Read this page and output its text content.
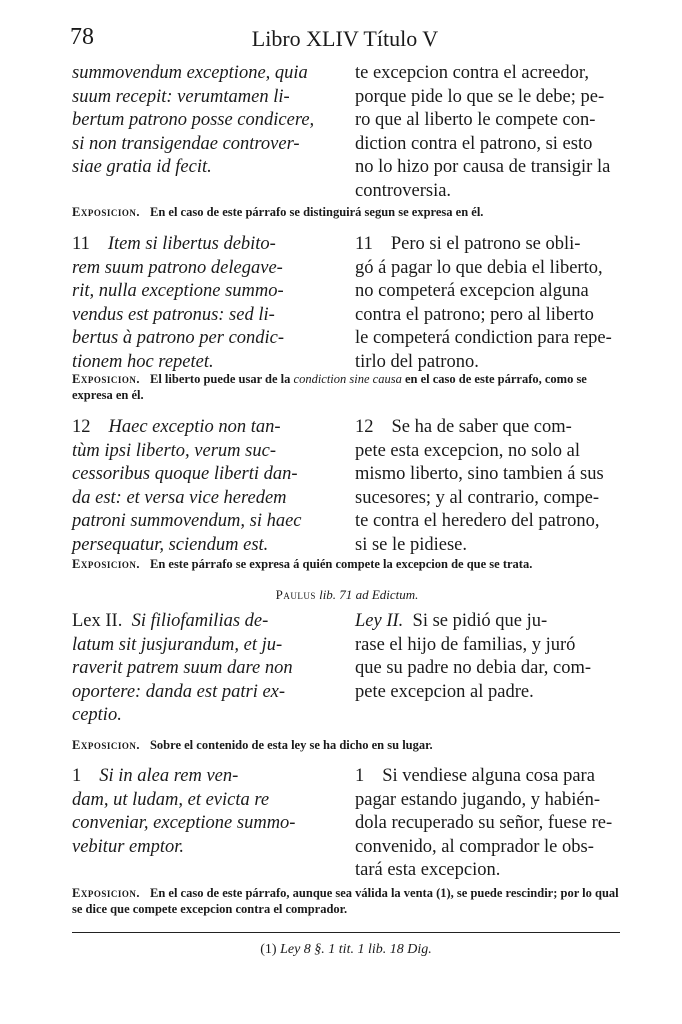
78	Libro XLIV Título V

summovendum exceptione, quia
suum recepit: verumtamen li-
bertum patrono posse condicere,
si non transigendae controver-
siae gratia id fecit.

te excepcion contra el acreedor,
porque pide lo que se le debe; pe-
ro que al liberto le compete con-
diction contra el patrono, si esto
no lo hizo por causa de transigir la
controversia.

Exposicion. En el caso de este párrafo se distinguirá segun se expresa en él.

11 Item si libertus debito-
rem suum patrono delegave-
rit, nulla exceptione summo-
vendus est patronus: sed li-
bertus à patrono per condic-
tionem hoc repetet.

11 Pero si el patrono se obli-
gó á pagar lo que debia el liberto,
no competerá excepcion alguna
contra el patrono; pero al liberto
le competerá condiction para repe-
tirlo del patrono.

Exposicion. El liberto puede usar de la condiction sine causa en el caso de este párrafo, como se expresa en él.

12 Haec exceptio non tan-
tùm ipsi liberto, verum suc-
cessoribus quoque liberti dan-
da est: et versa vice heredem
patroni summovendum, si haec
persequatur, sciendum est.

12 Se ha de saber que com-
pete esta excepcion, no solo al
mismo liberto, sino tambien á sus
sucesores; y al contrario, compe-
te contra el heredero del patrono,
si se le pidiese.

Exposicion. En este párrafo se expresa á quién compete la excepcion de que se trata.

Paulus lib. 71 ad Edictum.

Lex II. Si filiofamilias de-
latum sit jusjurandum, et ju-
raverit patrem suum dare non
oportere: danda est patri ex-
ceptio.

Ley II. Si se pidió que ju-
rase el hijo de familias, y juró
que su padre no debia dar, com-
pete excepcion al padre.

Exposicion. Sobre el contenido de esta ley se ha dicho en su lugar.

1 Si in alea rem ven-
dam, ut ludam, et evicta re
conveniar, exceptione summo-
vebitur emptor.

1 Si vendiese alguna cosa para
pagar estando jugando, y habién-
dola recuperado su señor, fuese re-
convenido, al comprador le obs-
tará esta excepcion.

Exposicion. En el caso de este párrafo, aunque sea válida la venta (1), se puede rescindir; por lo qual se dice que compete excepcion contra el comprador.

(1) Ley 8 §. 1 tit. 1 lib. 18 Dig.
